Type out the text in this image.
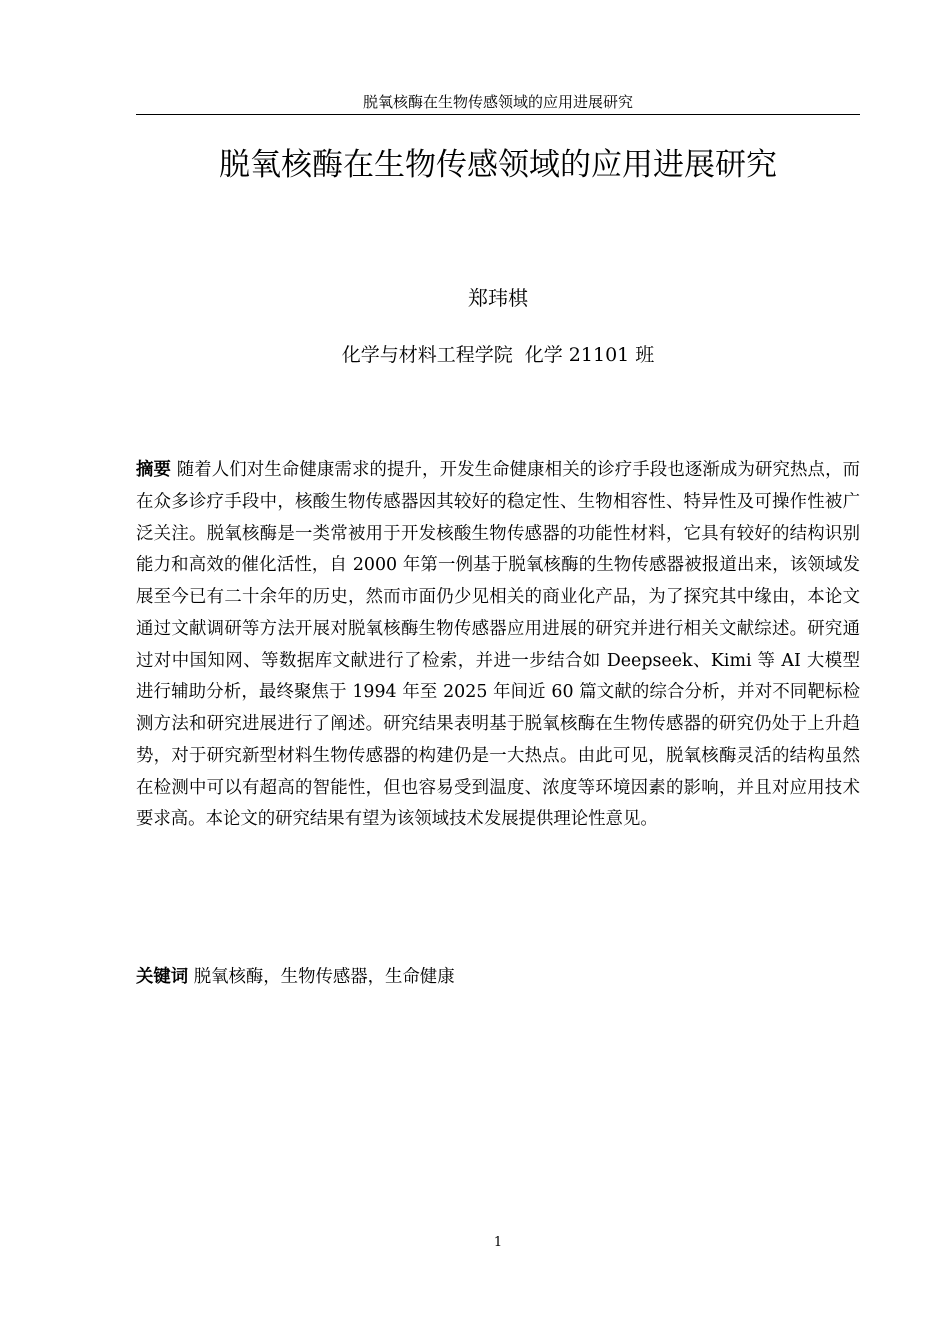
脱氧核酶在生物传感领域的应用进展研究
脱氧核酶在生物传感领域的应用进展研究
郑玮棋
化学与材料工程学院  化学 21101 班

摘要 随着人们对生命健康需求的提升，开发生命健康相关的诊疗手段也逐渐成为研究热点，而在众多诊疗手段中，核酸生物传感器因其较好的稳定性、生物相容性、特异性及可操作性被广泛关注。脱氧核酶是一类常被用于开发核酸生物传感器的功能性材料，它具有较好的结构识别能力和高效的催化活性，自 2000 年第一例基于脱氧核酶的生物传感器被报道出来，该领域发展至今已有二十余年的历史，然而市面仍少见相关的商业化产品，为了探究其中缘由，本论文通过文献调研等方法开展对脱氧核酶生物传感器应用进展的研究并进行相关文献综述。研究通过对中国知网、等数据库文献进行了检索，并进一步结合如 Deepseek、Kimi 等 AI 大模型进行辅助分析，最终聚焦于 1994 年至 2025 年间近 60 篇文献的综合分析，并对不同靶标检测方法和研究进展进行了阐述。研究结果表明基于脱氧核酶在生物传感器的研究仍处于上升趋势，对于研究新型材料生物传感器的构建仍是一大热点。由此可见，脱氧核酶灵活的结构虽然在检测中可以有超高的智能性，但也容易受到温度、浓度等环境因素的影响，并且对应用技术要求高。本论文的研究结果有望为该领域技术发展提供理论性意见。

关键词 脱氧核酶，生物传感器，生命健康

1
